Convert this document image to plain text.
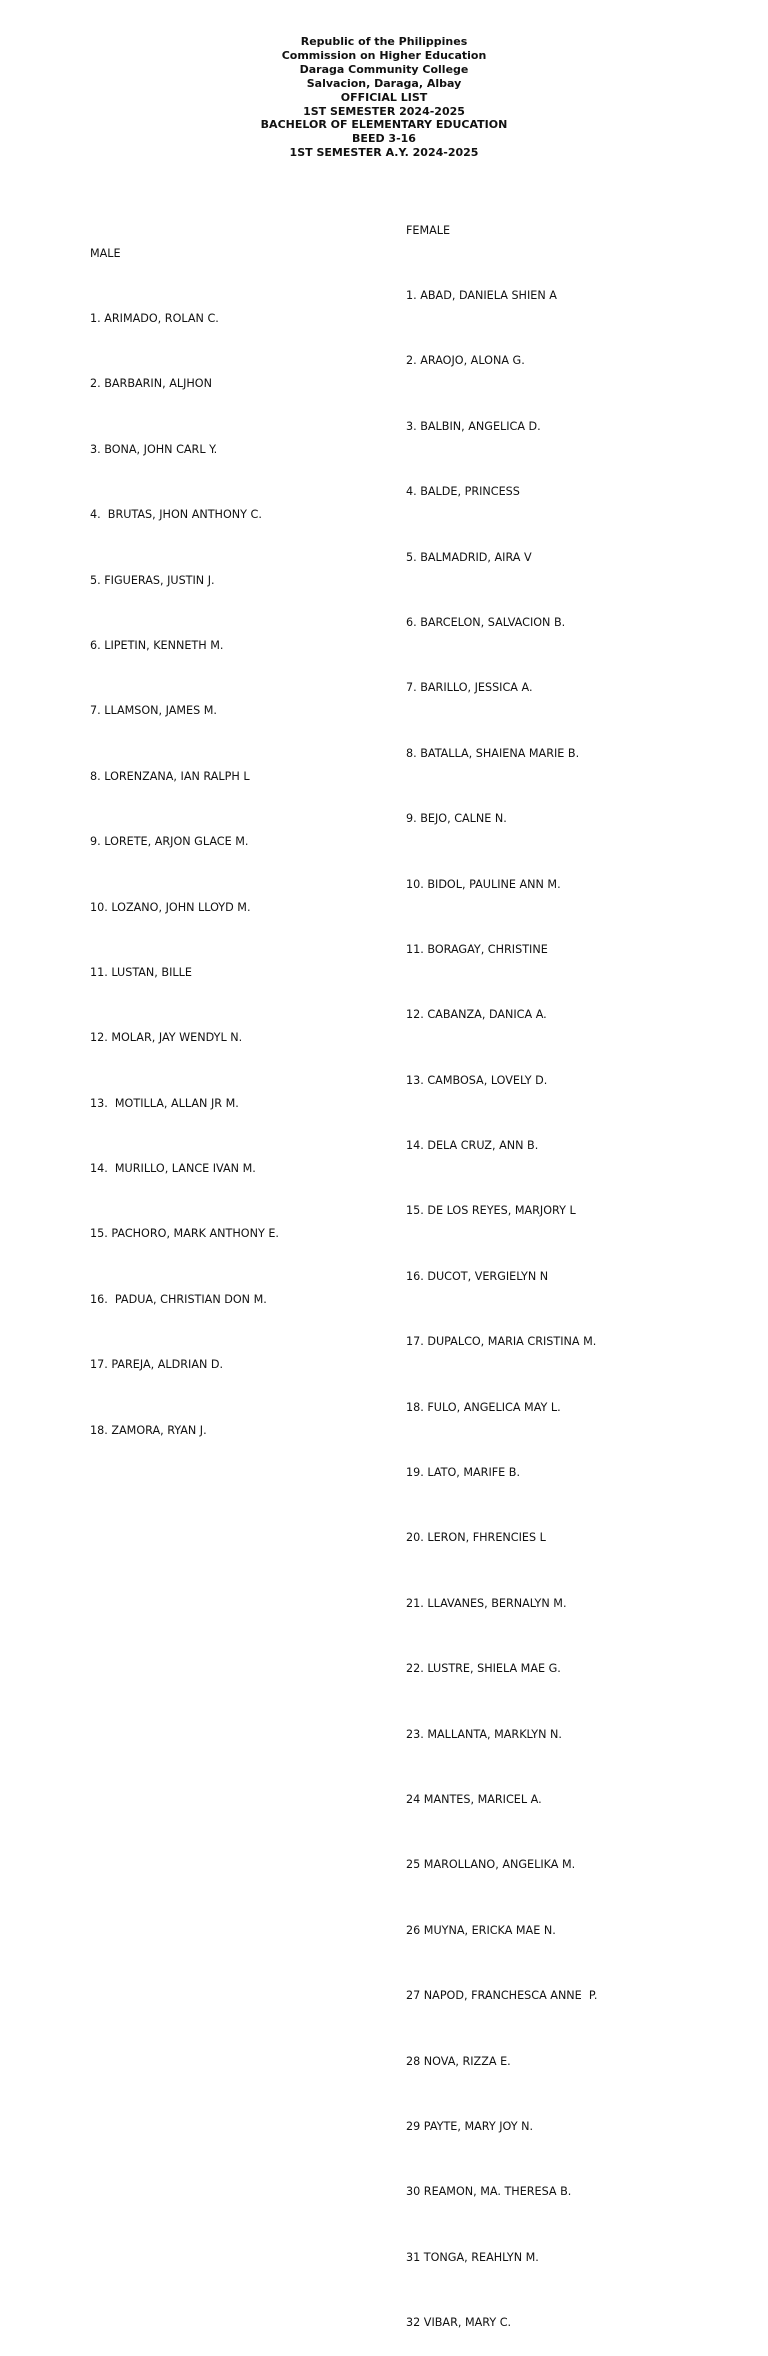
Republic of the Philippines
Commission on Higher Education
Daraga Community College
Salvacion, Daraga, Albay
OFFICIAL LIST
1ST SEMESTER 2024-2025
BACHELOR OF ELEMENTARY EDUCATION
BEED 3-16
1ST SEMESTER A.Y. 2024-2025

MALE

1. ARIMADO, ROLAN C.

2. BARBARIN, ALJHON

3. BONA, JOHN CARL Y.

4.  BRUTAS, JHON ANTHONY C.

5. FIGUERAS, JUSTIN J.

6. LIPETIN, KENNETH M.

7. LLAMSON, JAMES M.

8. LORENZANA, IAN RALPH L

9. LORETE, ARJON GLACE M.

10. LOZANO, JOHN LLOYD M.

11. LUSTAN, BILLE

12. MOLAR, JAY WENDYL N.

13.  MOTILLA, ALLAN JR M.

14.  MURILLO, LANCE IVAN M.

15. PACHORO, MARK ANTHONY E.

16.  PADUA, CHRISTIAN DON M.

17. PAREJA, ALDRIAN D.

18. ZAMORA, RYAN J.

FEMALE

1. ABAD, DANIELA SHIEN A

2. ARAOJO, ALONA G.

3. BALBIN, ANGELICA D.

4. BALDE, PRINCESS

5. BALMADRID, AIRA V

6. BARCELON, SALVACION B.

7. BARILLO, JESSICA A.

8. BATALLA, SHAIENA MARIE B.

9. BEJO, CALNE N.

10. BIDOL, PAULINE ANN M.

11. BORAGAY, CHRISTINE

12. CABANZA, DANICA A.

13. CAMBOSA, LOVELY D.

14. DELA CRUZ, ANN B.

15. DE LOS REYES, MARJORY L

16. DUCOT, VERGIELYN N

17. DUPALCO, MARIA CRISTINA M.

18. FULO, ANGELICA MAY L.

19. LATO, MARIFE B.

20. LERON, FHRENCIES L

21. LLAVANES, BERNALYN M.

22. LUSTRE, SHIELA MAE G.

23. MALLANTA, MARKLYN N.

24 MANTES, MARICEL A.

25 MAROLLANO, ANGELIKA M.

26 MUYNA, ERICKA MAE N.

27 NAPOD, FRANCHESCA ANNE  P.

28 NOVA, RIZZA E.

29 PAYTE, MARY JOY N.

30 REAMON, MA. THERESA B.

31 TONGA, REAHLYN M.

32 VIBAR, MARY C.
